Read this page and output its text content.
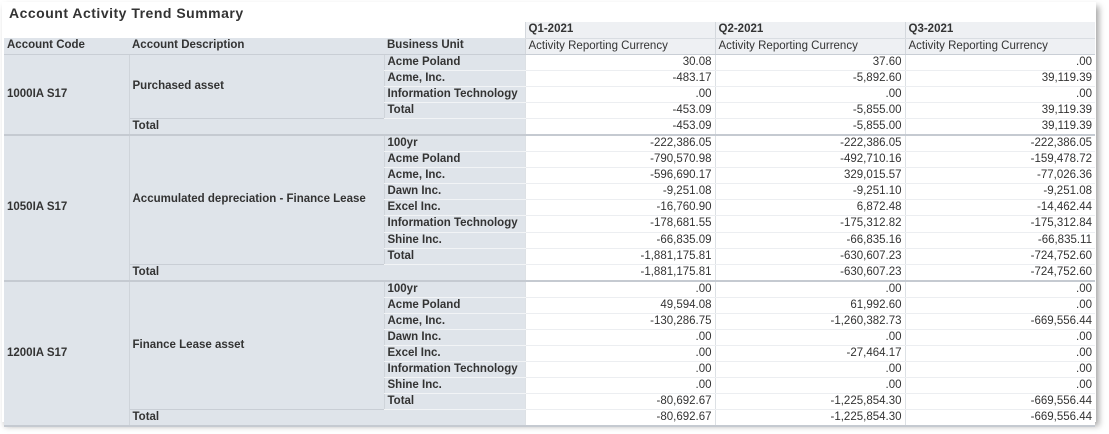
Account Activity Trend Summary
			Q1-2021	Q2-2021	Q3-2021
Account Code	Account Description	Business Unit	Activity Reporting Currency	Activity Reporting Currency	Activity Reporting Currency
1000IA S17	Purchased asset	Acme Poland	30.08	37.60	.00
		Acme, Inc.	-483.17	-5,892.60	39,119.39
		Information Technology	.00	.00	.00
		Total	-453.09	-5,855.00	39,119.39
	Total		-453.09	-5,855.00	39,119.39
1050IA S17	Accumulated depreciation - Finance Lease	100yr	-222,386.05	-222,386.05	-222,386.05
		Acme Poland	-790,570.98	-492,710.16	-159,478.72
		Acme, Inc.	-596,690.17	329,015.57	-77,026.36
		Dawn Inc.	-9,251.08	-9,251.10	-9,251.08
		Excel Inc.	-16,760.90	6,872.48	-14,462.44
		Information Technology	-178,681.55	-175,312.82	-175,312.84
		Shine Inc.	-66,835.09	-66,835.16	-66,835.11
		Total	-1,881,175.81	-630,607.23	-724,752.60
	Total		-1,881,175.81	-630,607.23	-724,752.60
1200IA S17	Finance Lease asset	100yr	.00	.00	.00
		Acme Poland	49,594.08	61,992.60	.00
		Acme, Inc.	-130,286.75	-1,260,382.73	-669,556.44
		Dawn Inc.	.00	.00	.00
		Excel Inc.	.00	-27,464.17	.00
		Information Technology	.00	.00	.00
		Shine Inc.	.00	.00	.00
		Total	-80,692.67	-1,225,854.30	-669,556.44
	Total		-80,692.67	-1,225,854.30	-669,556.44
